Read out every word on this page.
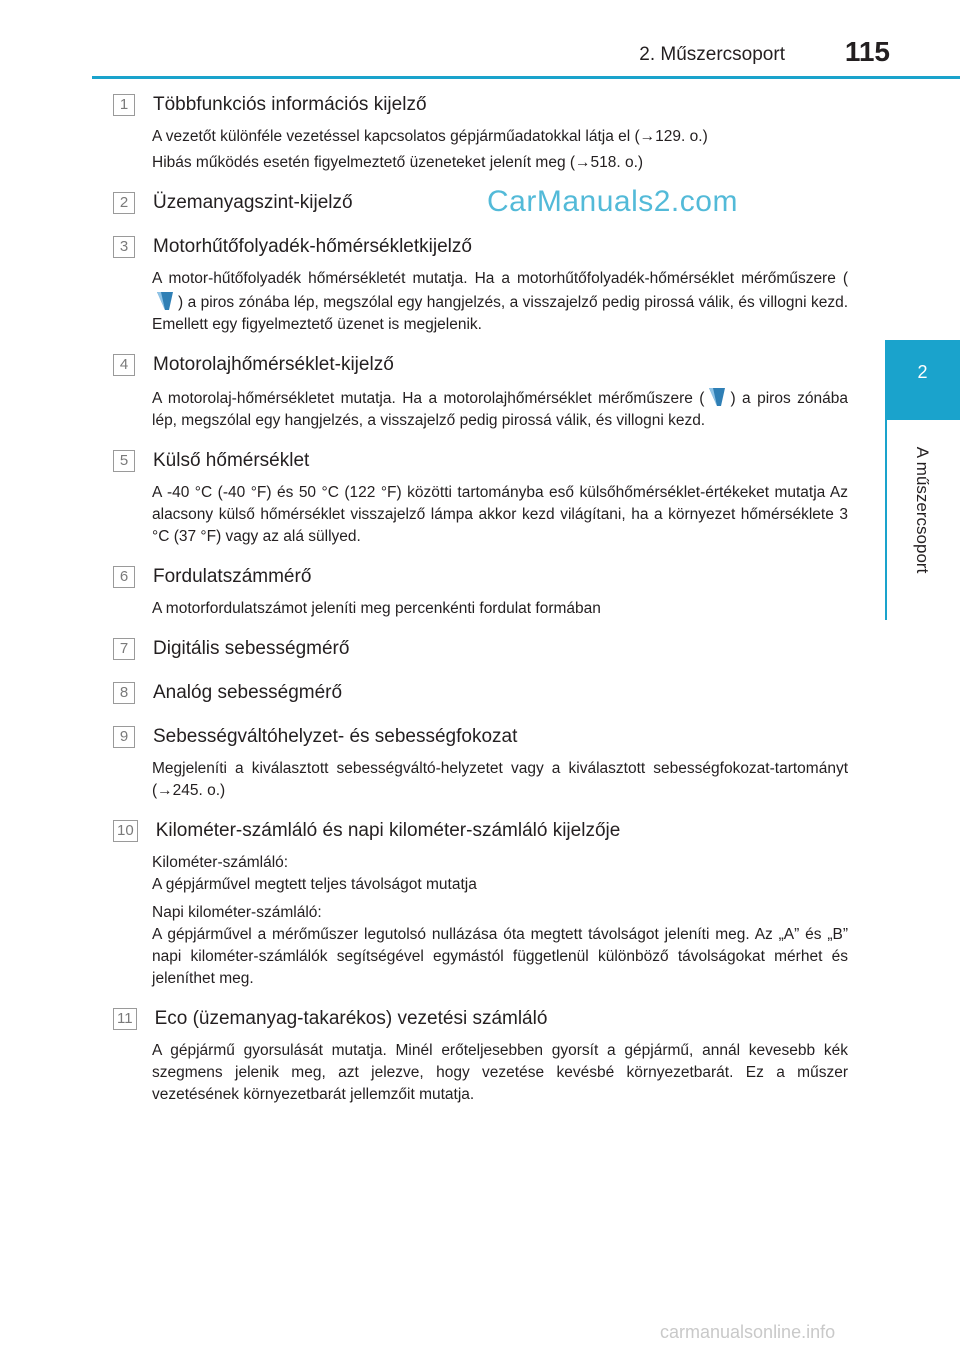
2. Műszercsoport	115
2
A műszercsoport
CarManuals2.com
1	Többfunkciós információs kijelző

A vezetőt különféle vezetéssel kapcsolatos gépjárműadatokkal látja el (→129. o.)

Hibás működés esetén figyelmeztető üzeneteket jelenít meg (→518. o.)

2	Üzemanyagszint-kijelző
3	Motorhűtőfolyadék-hőmérsékletkijelző

A motor-hűtőfolyadék hőmérsékletét mutatja. Ha a motorhűtőfolyadék-hőmérséklet mérőműszere () a piros zónába lép, megszólal egy hangjelzés, a visszajelző pedig pirossá válik, és villogni kezd. Emellett egy figyelmeztető üzenet is megjelenik.

4	Motorolajhőmérséklet-kijelző

A motorolaj-hőmérsékletet mutatja. Ha a motorolajhőmérséklet mérőműszere ( ) a piros zónába lép, megszólal egy hangjelzés, a visszajelző pedig pirossá válik, és villogni kezd.

5	Külső hőmérséklet

A -40 °C (-40 °F) és 50 °C (122 °F) közötti tartományba eső külsőhőmérséklet-értékeket mutatja Az alacsony külső hőmérséklet visszajelző lámpa akkor kezd világítani, ha a környezet hőmérséklete 3 °C (37 °F) vagy az alá süllyed.

6	Fordulatszámmérő

A motorfordulatszámot jeleníti meg percenkénti fordulat formában

7	Digitális sebességmérő
8	Analóg sebességmérő
9	Sebességváltóhelyzet- és sebességfokozat

Megjeleníti a kiválasztott sebességváltó-helyzetet vagy a kiválasztott sebességfokozat-tartományt (→245. o.)

10 Kilométer-számláló és napi kilométer-számláló kijelzője

Kilométer-számláló:

A gépjárművel megtett teljes távolságot mutatja

Napi kilométer-számláló:

A gépjárművel a mérőműszer legutolsó nullázása óta megtett távolságot jeleníti meg. Az „A” és „B” napi kilométer-számlálók segítségével egymástól függetlenül különböző távolságokat mérhet és jeleníthet meg.

11 Eco (üzemanyag-takarékos) vezetési számláló

A gépjármű gyorsulását mutatja. Minél erőteljesebben gyorsít a gépjármű, annál kevesebb kék szegmens jelenik meg, azt jelezve, hogy vezetése kevésbé környezetbarát. Ez a műszer vezetésének környezetbarát jellemzőit mutatja.

carmanualsonline.info
